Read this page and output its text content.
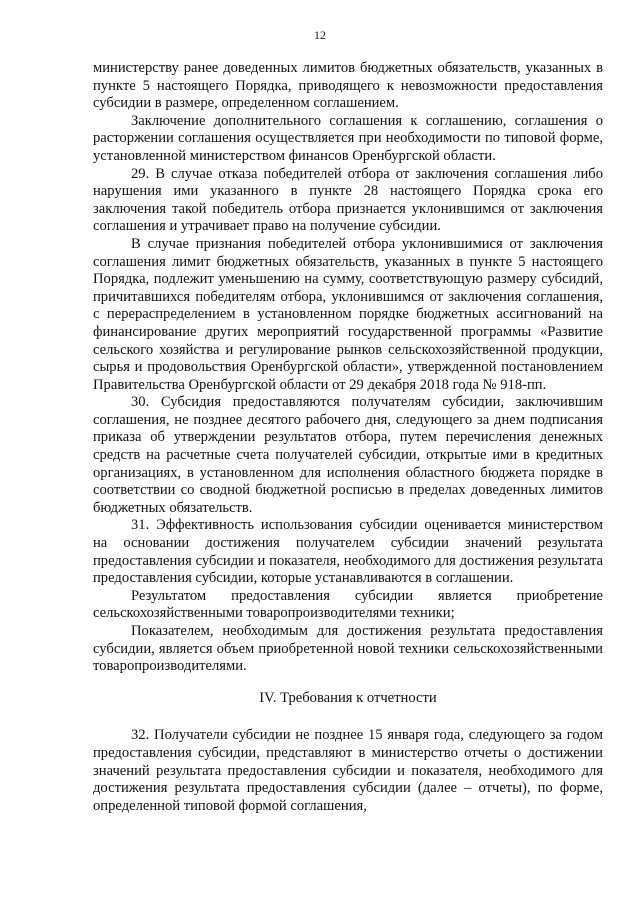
12

министерству ранее доведенных лимитов бюджетных обязательств, указанных в пункте 5 настоящего Порядка, приводящего к невозможности предоставления субсидии в размере, определенном соглашением.

Заключение дополнительного соглашения к соглашению, соглашения о расторжении соглашения осуществляется при необходимости по типовой форме, установленной министерством финансов Оренбургской области.

29. В случае отказа победителей отбора от заключения соглашения либо нарушения ими указанного в пункте 28 настоящего Порядка срока его заключения такой победитель отбора признается уклонившимся от заключения соглашения и утрачивает право на получение субсидии.

В случае признания победителей отбора уклонившимися от заключения соглашения лимит бюджетных обязательств, указанных в пункте 5 настоящего Порядка, подлежит уменьшению на сумму, соответствующую размеру субсидий, причитавшихся победителям отбора, уклонившимся от заключения соглашения, с перераспределением в установленном порядке бюджетных ассигнований на финансирование других мероприятий государственной программы «Развитие сельского хозяйства и регулирование рынков сельскохозяйственной продукции, сырья и продовольствия Оренбургской области», утвержденной постановлением Правительства Оренбургской области от 29 декабря 2018 года № 918-пп.

30. Субсидия предоставляются получателям субсидии, заключившим соглашения, не позднее десятого рабочего дня, следующего за днем подписания приказа об утверждении результатов отбора, путем перечисления денежных средств на расчетные счета получателей субсидии, открытые ими в кредитных организациях, в установленном для исполнения областного бюджета порядке в соответствии со сводной бюджетной росписью в пределах доведенных лимитов бюджетных обязательств.

31. Эффективность использования субсидии оценивается министерством на основании достижения получателем субсидии значений результата предоставления субсидии и показателя, необходимого для достижения результата предоставления субсидии, которые устанавливаются в соглашении.

Результатом предоставления субсидии является приобретение сельскохозяйственными товаропроизводителями техники;

Показателем, необходимым для достижения результата предоставления субсидии, является объем приобретенной новой техники сельскохозяйственными товаропроизводителями.

IV. Требования к отчетности

32. Получатели субсидии не позднее 15 января года, следующего за годом предоставления субсидии, представляют в министерство отчеты о достижении значений результата предоставления субсидии и показателя, необходимого для достижения результата предоставления субсидии (далее – отчеты), по форме, определенной типовой формой соглашения,
